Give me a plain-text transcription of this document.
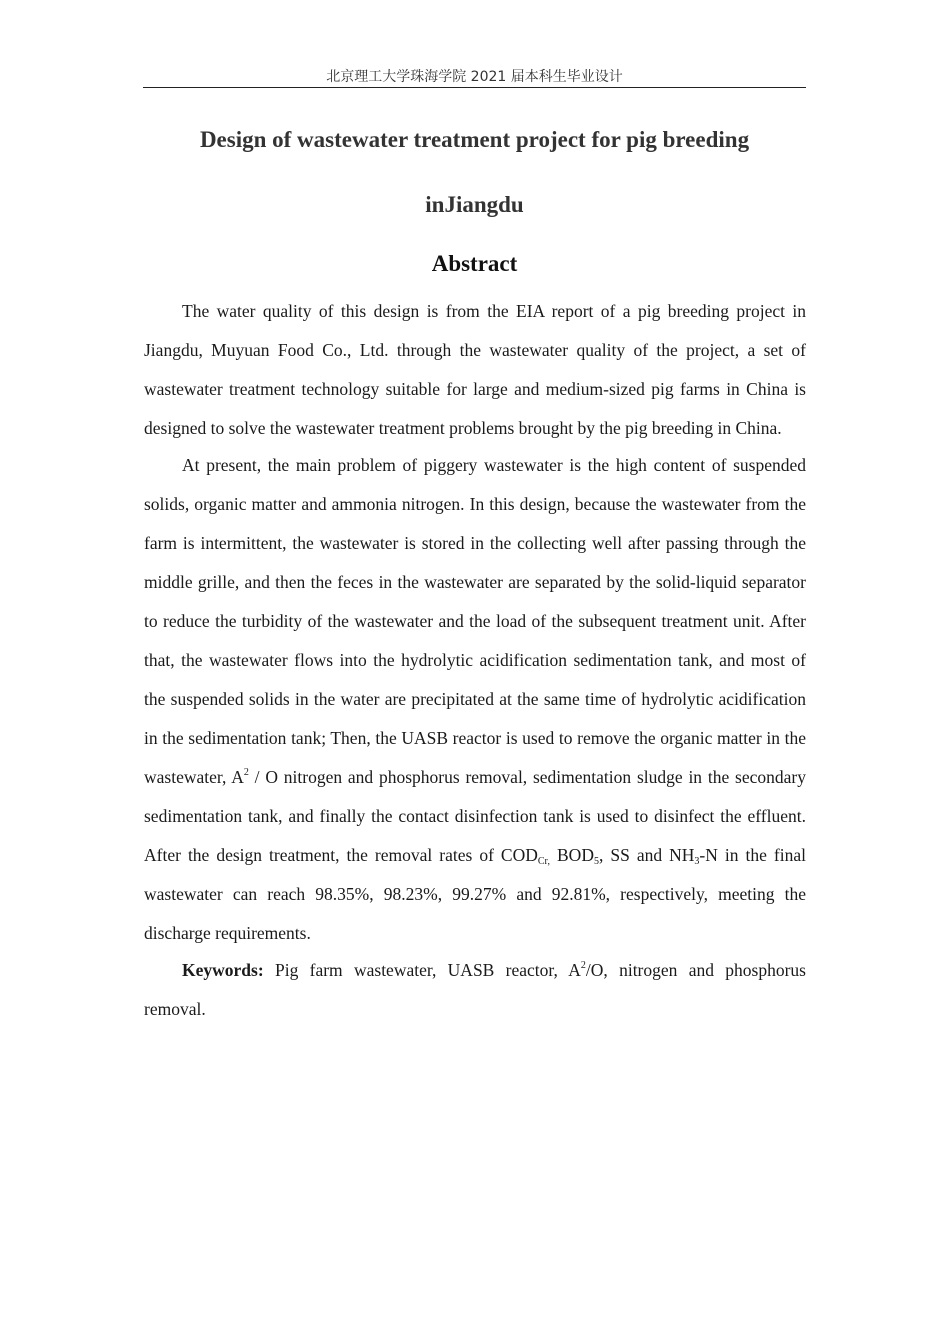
北京理工大学珠海学院 2021 届本科生毕业设计
Design of wastewater treatment project for pig breeding
inJiangdu
Abstract

The water quality of this design is from the EIA report of a pig breeding project in Jiangdu, Muyuan Food Co., Ltd. through the wastewater quality of the project, a set of wastewater treatment technology suitable for large and medium-sized pig farms in China is designed to solve the wastewater treatment problems brought by the pig breeding in China.

At present, the main problem of piggery wastewater is the high content of suspended solids, organic matter and ammonia nitrogen. In this design, because the wastewater from the farm is intermittent, the wastewater is stored in the collecting well after passing through the middle grille, and then the feces in the wastewater are separated by the solid-liquid separator to reduce the turbidity of the wastewater and the load of the subsequent treatment unit. After that, the wastewater flows into the hydrolytic acidification sedimentation tank, and most of the suspended solids in the water are precipitated at the same time of hydrolytic acidification in the sedimentation tank; Then, the UASB reactor is used to remove the organic matter in the wastewater, $A^2$ / O nitrogen and phosphorus removal, sedimentation sludge in the secondary sedimentation tank, and finally the contact disinfection tank is used to disinfect the effluent. After the design treatment, the removal rates of $COD_{Cr,}$ $BOD_5$, SS and $NH_3-N$ in the final wastewater can reach 98.35%, 98.23%, 99.27% and 92.81%, respectively, meeting the discharge requirements.

Keywords: Pig farm wastewater, UASB reactor, $A^2/O$, nitrogen and phosphorus removal.
